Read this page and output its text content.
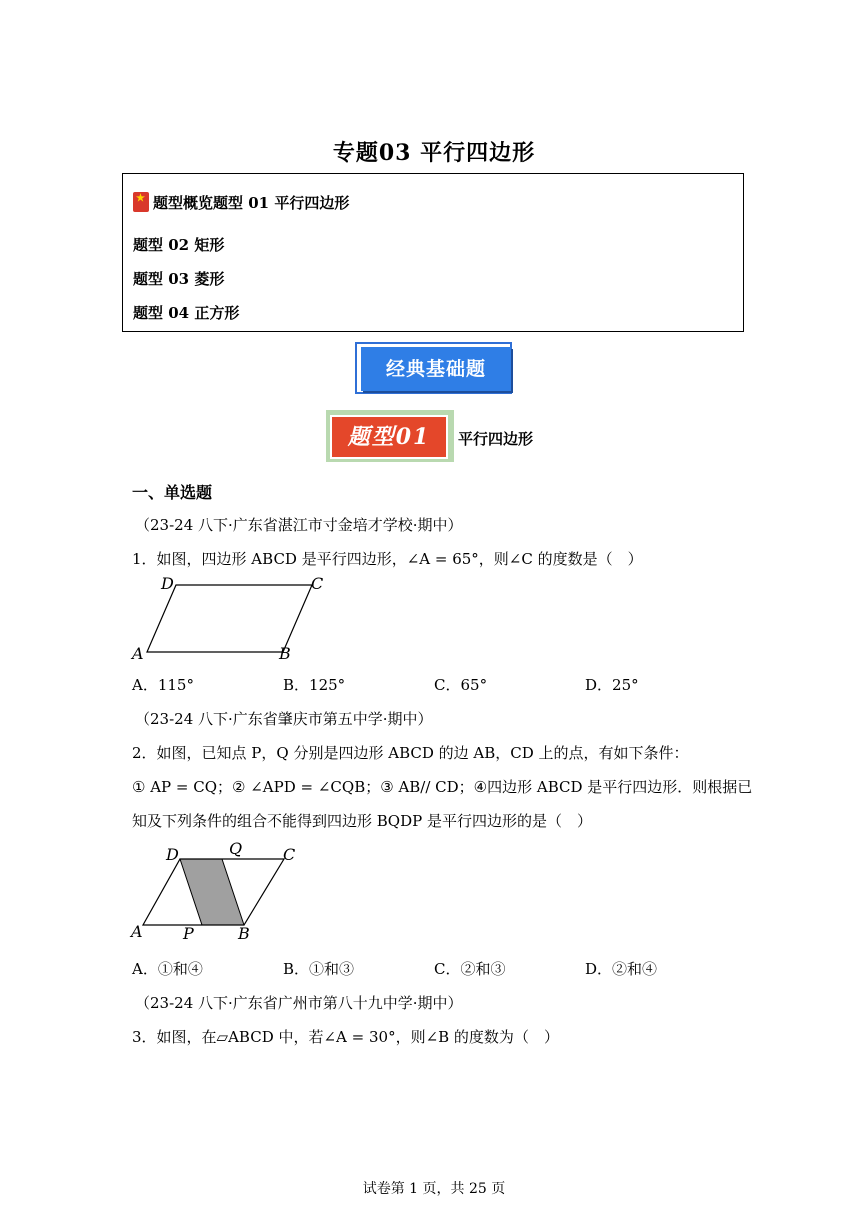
专题03 平行四边形
★题型概览题型 01 平行四边形
题型 02 矩形
题型 03 菱形
题型 04 正方形
经典基础题
题型01	平行四边形
一、单选题
（23-24 八下·广东省湛江市寸金培才学校·期中）
1．如图，四边形 ABCD 是平行四边形，∠A = 65°，则∠C 的度数是（　）
D	C
A	B
A．115°	B．125°	C．65°	D．25°
（23-24 八下·广东省肇庆市第五中学·期中）
2．如图，已知点 P，Q 分别是四边形 ABCD 的边 AB，CD 上的点，有如下条件：
① AP = CQ；② ∠APD = ∠CQB；③ AB// CD；④四边形 ABCD 是平行四边形．则根据已
知及下列条件的组合不能得到四边形 BQDP 是平行四边形的是（　）
D	Q	C
A	P	B
A．①和④	B．①和③	C．②和③	D．②和④
（23-24 八下·广东省广州市第八十九中学·期中）
3．如图，在▱ABCD 中，若∠A = 30°，则∠B 的度数为（　）
试卷第 1 页，共 25 页
